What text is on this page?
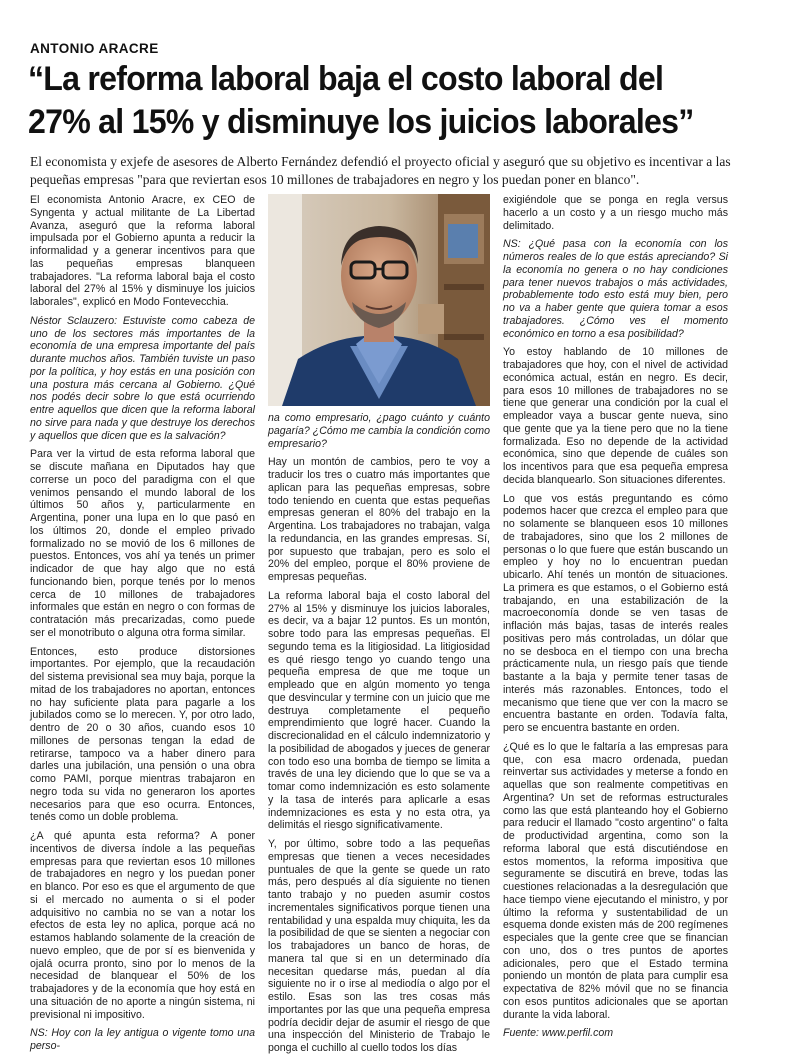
ANTONIO ARACRE
“La reforma laboral baja el costo laboral del 27% al 15% y disminuye los juicios laborales”

El economista y exjefe de asesores de Alberto Fernández defendió el proyecto oficial y aseguró que su objetivo es incentivar a las pequeñas empresas "para que reviertan esos 10 millones de trabajadores en negro y los puedan poner en blanco".

El economista Antonio Aracre, ex CEO de Syngenta y actual militante de La Libertad Avanza, aseguró que la reforma laboral impulsada por el Gobierno apunta a reducir la informalidad y a generar incentivos para que las pequeñas empresas blanqueen trabajadores. "La reforma laboral baja el costo laboral del 27% al 15% y disminuye los juicios laborales", explicó en Modo Fontevecchia.

Néstor Sclauzero: Estuviste como cabeza de uno de los sectores más importantes de la economía de una empresa importante del país durante muchos años. También tuviste un paso por la política, y hoy estás en una posición con una postura más cercana al Gobierno. ¿Qué nos podés decir sobre lo que está ocurriendo entre aquellos que dicen que la reforma laboral no sirve para nada y que destruye los derechos y aquellos que dicen que es la salvación?

Para ver la virtud de esta reforma laboral que se discute mañana en Diputados hay que correrse un poco del paradigma con el que venimos pensando el mundo laboral de los últimos 50 años y, particularmente en Argentina, poner una lupa en lo que pasó en los últimos 20, donde el empleo privado formalizado no se movió de los 6 millones de puestos. Entonces, vos ahí ya tenés un primer indicador de que hay algo que no está funcionando bien, porque tenés por lo menos cerca de 10 millones de trabajadores informales que están en negro o con formas de contratación más precarizadas, como puede ser el monotributo o alguna otra forma similar.

Entonces, esto produce distorsiones importantes. Por ejemplo, que la recaudación del sistema previsional sea muy baja, porque la mitad de los trabajadores no aportan, entonces no hay suficiente plata para pagarle a los jubilados como se lo merecen. Y, por otro lado, dentro de 20 o 30 años, cuando esos 10 millones de personas tengan la edad de retirarse, tampoco va a haber dinero para darles una jubilación, una pensión o una obra como PAMI, porque mientras trabajaron en negro toda su vida no generaron los aportes necesarios para que eso ocurra. Entonces, tenés como un doble problema.

¿A qué apunta esta reforma? A poner incentivos de diversa índole a las pequeñas empresas para que reviertan esos 10 millones de trabajadores en negro y los puedan poner en blanco. Por eso es que el argumento de que si el mercado no aumenta o si el poder adquisitivo no cambia no se van a notar los efectos de esta ley no aplica, porque acá no estamos hablando solamente de la creación de nuevo empleo, que de por sí es bienvenida y ojalá ocurra pronto, sino por lo menos de la necesidad de blanquear el 50% de los trabajadores y de la economía que hoy está en una situación de no aporte a ningún sistema, ni previsional ni impositivo.

NS: Hoy con la ley antigua o vigente tomo una perso-

na como empresario, ¿pago cuánto y cuánto pagaría? ¿Cómo me cambia la condición como empresario?

Hay un montón de cambios, pero te voy a traducir los tres o cuatro más importantes que aplican para las pequeñas empresas, sobre todo teniendo en cuenta que estas pequeñas empresas generan el 80% del trabajo en la Argentina. Los trabajadores no trabajan, valga la redundancia, en las grandes empresas. Sí, por supuesto que trabajan, pero es solo el 20% del empleo, porque el 80% proviene de empresas pequeñas.

La reforma laboral baja el costo laboral del 27% al 15% y disminuye los juicios laborales, es decir, va a bajar 12 puntos. Es un montón, sobre todo para las empresas pequeñas. El segundo tema es la litigiosidad. La litigiosidad es qué riesgo tengo yo cuando tengo una pequeña empresa de que me toque un empleado que en algún momento yo tenga que desvincular y termine con un juicio que me destruya completamente el pequeño emprendimiento que logré hacer. Cuando la discrecionalidad en el cálculo indemnizatorio y la posibilidad de abogados y jueces de generar con todo eso una bomba de tiempo se limita a través de una ley diciendo que lo que se va a tomar como indemnización es esto solamente y la tasa de interés para aplicarle a esas indemnizaciones es esta y no esta otra, ya delimitás el riesgo significativamente.

Y, por último, sobre todo a las pequeñas empresas que tienen a veces necesidades puntuales de que la gente se quede un rato más, pero después al día siguiente no tienen tanto trabajo y no pueden asumir costos incrementales significativos porque tienen una rentabilidad y una espalda muy chiquita, les da la posibilidad de que se sienten a negociar con los trabajadores un banco de horas, de manera tal que si en un determinado día necesitan quedarse más, puedan al día siguiente no ir o irse al mediodía o algo por el estilo. Esas son las tres cosas más importantes por las que una pequeña empresa podría decidir dejar de asumir el riesgo de que una inspección del Ministerio de Trabajo le ponga el cuchillo al cuello todos los días

exigiéndole que se ponga en regla versus hacerlo a un costo y a un riesgo mucho más delimitado.

NS: ¿Qué pasa con la economía con los números reales de lo que estás apreciando? Si la economía no genera o no hay condiciones para tener nuevos trabajos o más actividades, probablemente todo esto está muy bien, pero no va a haber gente que quiera tomar a esos trabajadores. ¿Cómo ves el momento económico en torno a esa posibilidad?

Yo estoy hablando de 10 millones de trabajadores que hoy, con el nivel de actividad económica actual, están en negro. Es decir, para esos 10 millones de trabajadores no se tiene que generar una condición por la cual el empleador vaya a buscar gente nueva, sino que gente que ya la tiene pero que no la tiene formalizada. Eso no depende de la actividad económica, sino que depende de cuáles son los incentivos para que esa pequeña empresa decida blanquearlo. Son situaciones diferentes.

Lo que vos estás preguntando es cómo podemos hacer que crezca el empleo para que no solamente se blanqueen esos 10 millones de trabajadores, sino que los 2 millones de personas o lo que fuere que están buscando un empleo y hoy no lo encuentran puedan ubicarlo. Ahí tenés un montón de situaciones. La primera es que estamos, o el Gobierno está trabajando, en una estabilización de la macroeconomía donde se ven tasas de inflación más bajas, tasas de interés reales positivas pero más controladas, un dólar que no se desboca en el tiempo con una brecha prácticamente nula, un riesgo país que tiende bastante a la baja y permite tener tasas de interés más razonables. Entonces, todo el mecanismo que tiene que ver con la macro se encuentra bastante en orden. Todavía falta, pero se encuentra bastante en orden.

¿Qué es lo que le faltaría a las empresas para que, con esa macro ordenada, puedan reinvertar sus actividades y meterse a fondo en aquellas que son realmente competitivas en Argentina? Un set de reformas estructurales como las que está planteando hoy el Gobierno para reducir el llamado "costo argentino" o falta de productividad argentina, como son la reforma laboral que está discutiéndose en estos momentos, la reforma impositiva que seguramente se discutirá en breve, todas las cuestiones relacionadas a la desregulación que hace tiempo viene ejecutando el ministro, y por último la reforma y sustentabilidad de un esquema donde existen más de 200 regímenes especiales que la gente cree que se financian con uno, dos o tres puntos de aportes adicionales, pero que el Estado termina poniendo un montón de plata para cumplir esa expectativa de 82% móvil que no se financia con esos puntitos adicionales que se aportan durante la vida laboral.

Fuente: www.perfil.com
